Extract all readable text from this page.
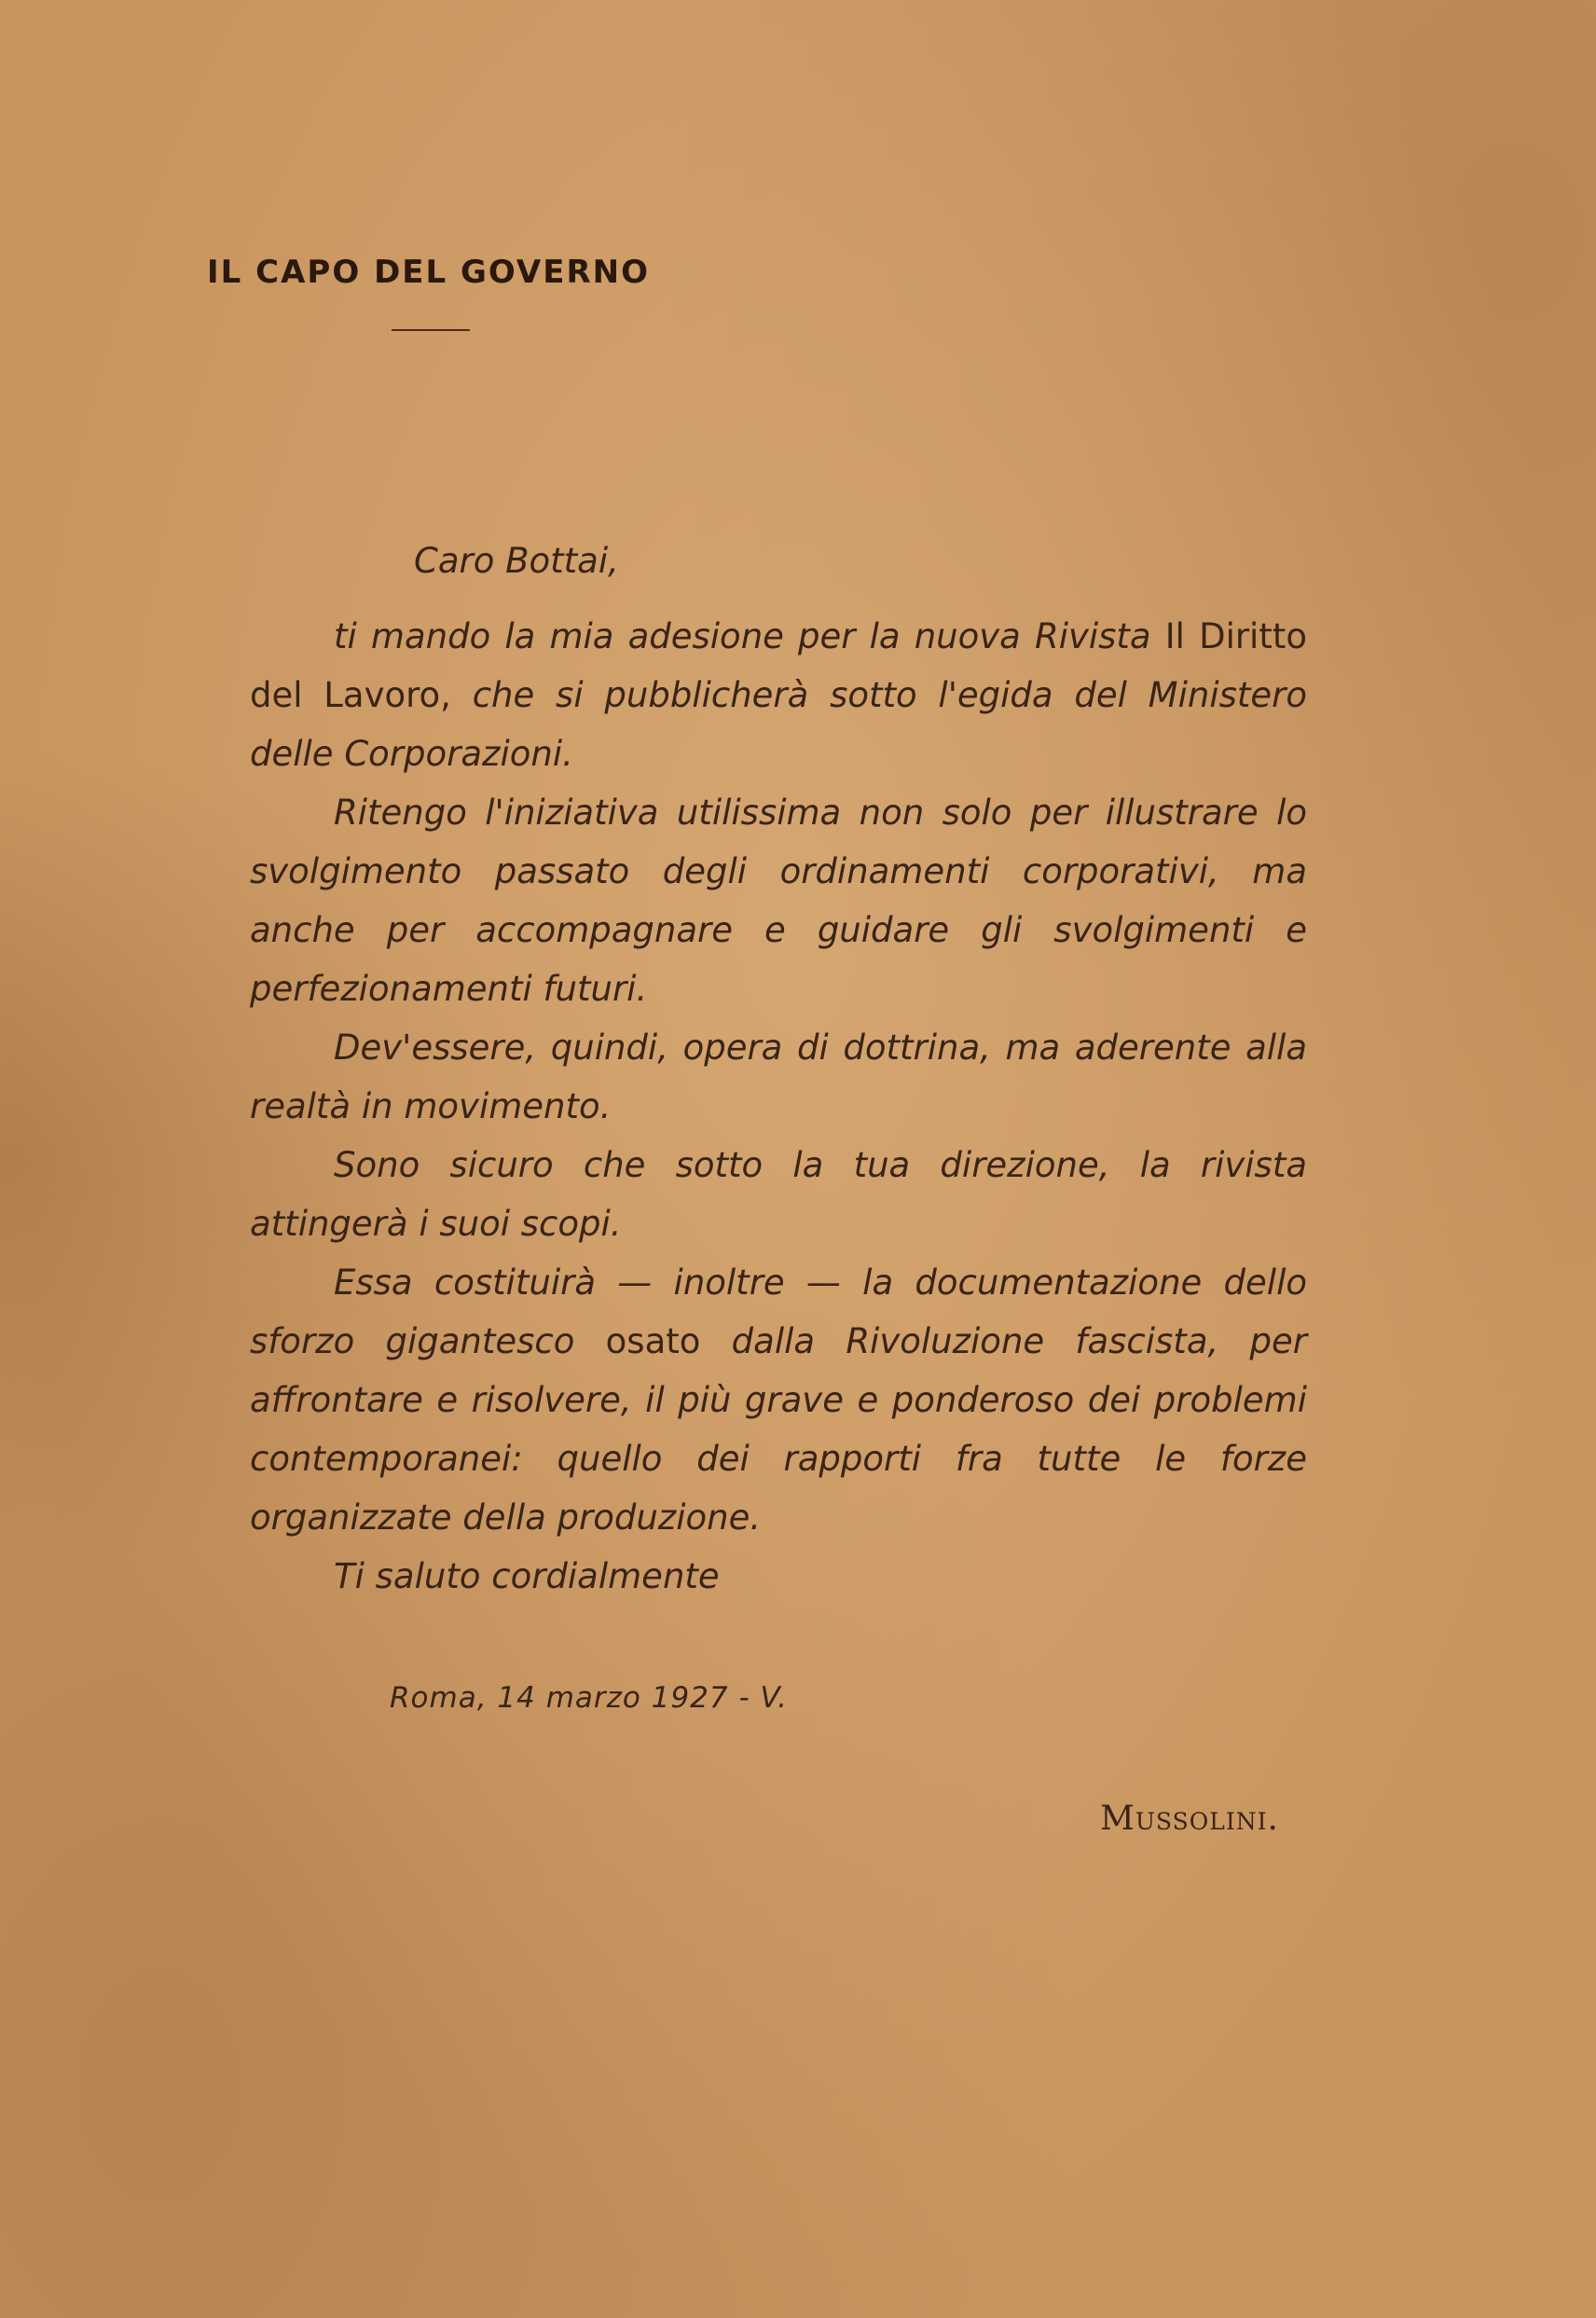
IL CAPO DEL GOVERNO
Caro Bottai,

ti mando la mia adesione per la nuova Rivista Il Diritto del Lavoro, che si pubblicherà sotto l'egida del Ministero delle Corporazioni.

Ritengo l'iniziativa utilissima non solo per illustrare lo svolgimento passato degli ordinamenti corporativi, ma anche per accompagnare e guidare gli svolgimenti e perfezionamenti futuri.

Dev'essere, quindi, opera di dottrina, ma aderente alla realtà in movimento.

Sono sicuro che sotto la tua direzione, la rivista attingerà i suoi scopi.

Essa costituirà — inoltre — la documentazione dello sforzo gigantesco osato dalla Rivoluzione fascista, per affrontare e risolvere, il più grave e ponderoso dei problemi contemporanei: quello dei rapporti fra tutte le forze organizzate della produzione.

Ti saluto cordialmente

Roma, 14 marzo 1927 - V.
Mussolini.
